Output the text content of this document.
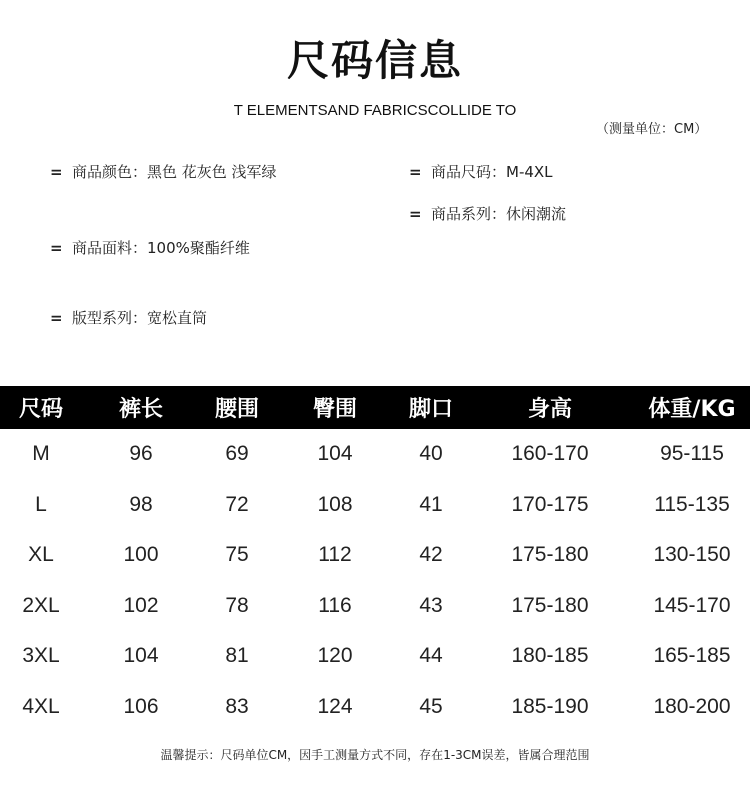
尺码信息
T ELEMENTSAND FABRICSCOLLIDE TO
（测量单位：CM）
= 商品颜色：黑色 花灰色 浅军绿	= 商品尺码：M-4XL
= 商品系列：休闲潮流
= 商品面料：100%聚酯纤维
= 版型系列：宽松直筒
尺码	裤长	腰围	臀围	脚口	身高	体重/KG
M	96	69	104	40	160-170	95-115
L	98	72	108	41	170-175	115-135
XL	100	75	112	42	175-180	130-150
2XL	102	78	116	43	175-180	145-170
3XL	104	81	120	44	180-185	165-185
4XL	106	83	124	45	185-190	180-200
温馨提示：尺码单位CM，因手工测量方式不同，存在1-3CM误差，皆属合理范围
